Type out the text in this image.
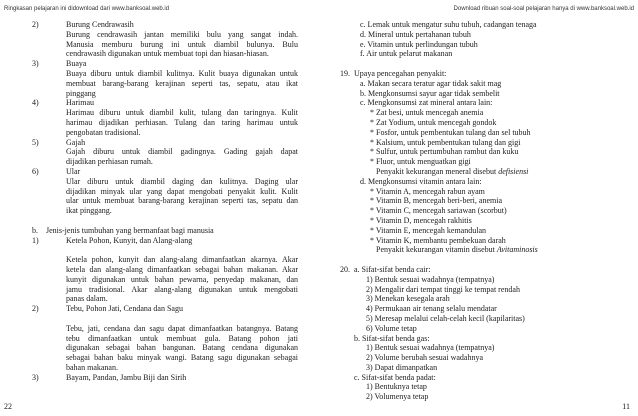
Ringkasan pelajaran ini didownload dari www.banksoal.web.id	Download ribuan soal-soal pelajaran hanya di www.banksoal.web.id
2)	Burung Cendrawasih
Burung cendrawasih jantan memiliki bulu yang sangat indah.
Manusia memburu burung ini untuk diambil bulunya. Bulu
cendrawasih digunakan untuk membuat topi dan hiasan-hiasan.
3)	Buaya
Buaya diburu untuk diambil kulitnya. Kulit buaya digunakan untuk
membuat barang-barang kerajinan seperti tas, sepatu, atau ikat
pinggang
4)	Harimau
Harimau diburu untuk diambil kulit, tulang dan taringnya. Kulit
harimau dijadikan perhiasan. Tulang dan taring harimau untuk
pengobatan tradisional.
5)	Gajah
Gajah diburu untuk diambil gadingnya. Gading gajah dapat
dijadikan perhiasan rumah.
6)	Ular
Ular diburu untuk diambil daging dan kulitnya. Daging ular
dijadikan minyak ular yang dapat mengobati penyakit kulit. Kulit
ular untuk membuat barang-barang kerajinan seperti tas, sepatu dan
ikat pinggang.
b.	Jenis-jenis tumbuhan yang bermanfaat bagi manusia
1)	Ketela Pohon, Kunyit, dan Alang-alang
Ketela pohon, kunyit dan alang-alang dimanfaatkan akarnya. Akar
ketela dan alang-alang dimanfaatkan sebagai bahan makanan. Akar
kunyit digunakan untuk bahan pewarna, penyedap makanan, dan
jamu tradisional. Akar alang-alang digunakan untuk mengobati
panas dalam.
2)	Tebu, Pohon Jati, Cendana dan Sagu
Tebu, jati, cendana dan sagu dapat dimanfaatkan batangnya. Batang
tebu dimanfaatkan untuk membuat gula. Batang pohon jati
digunakan sebagai bahan bangunan. Batang cendana digunakan
sebagai bahan baku minyak wangi. Batang sagu digunakan sebagai
bahan makanan.
3)	Bayam, Pandan, Jambu Biji dan Sirih
c. Lemak untuk mengatur suhu tubuh, cadangan tenaga
d. Mineral untuk pertahanan tubuh
e. Vitamin untuk perlindungan tubuh
f. Air untuk pelarut makanan
19. Upaya pencegahan penyakit:
a. Makan secara teratur agar tidak sakit mag
b. Mengkonsumsi sayur agar tidak sembelit
c. Mengkonsumsi zat mineral antara lain:
* Zat besi, untuk mencegah anemia
* Zat Yodium, untuk mencegah gondok
* Fosfor, untuk pembentukan tulang dan sel tubuh
* Kalsium, untuk pembentukan tulang dan gigi
* Sulfur, untuk pertumbuhan rambut dan kuku
* Fluor, untuk menguatkan gigi
Penyakit kekurangan meneral disebut defisiensi
d. Mengkonsumsi vitamin antara lain:
* Vitamin A, mencegah rabun ayam
* Vitamin B, mencegah beri-beri, anemia
* Vitamin C, mencegah sariawan (scorbut)
* Vitamin D, mencegah rakhitis
* Vitamin E, mencegah kemandulan
* Vitamin K, membantu pembekuan darah
Penyakit kekurangan vitamin disebut Avitaminosis
20. a. Sifat-sifat benda cair:
1) Bentuk sesuai wadahnya (tempatnya)
2) Mengalir dari tempat tinggi ke tempat rendah
3) Menekan kesegala arah
4) Permukaan air tenang selalu mendatar
5) Meresap melalui celah-celah kecil (kapilaritas)
6) Volume tetap
b. Sifat-sifat benda gas:
1) Bentuk sesuai wadahnya (tempatnya)
2) Volume berubah sesuai wadahnya
3) Dapat dimanpatkan
c. Sifat-sifat benda padat:
1) Bentuknya tetap
2) Volumenya tetap
22	11
